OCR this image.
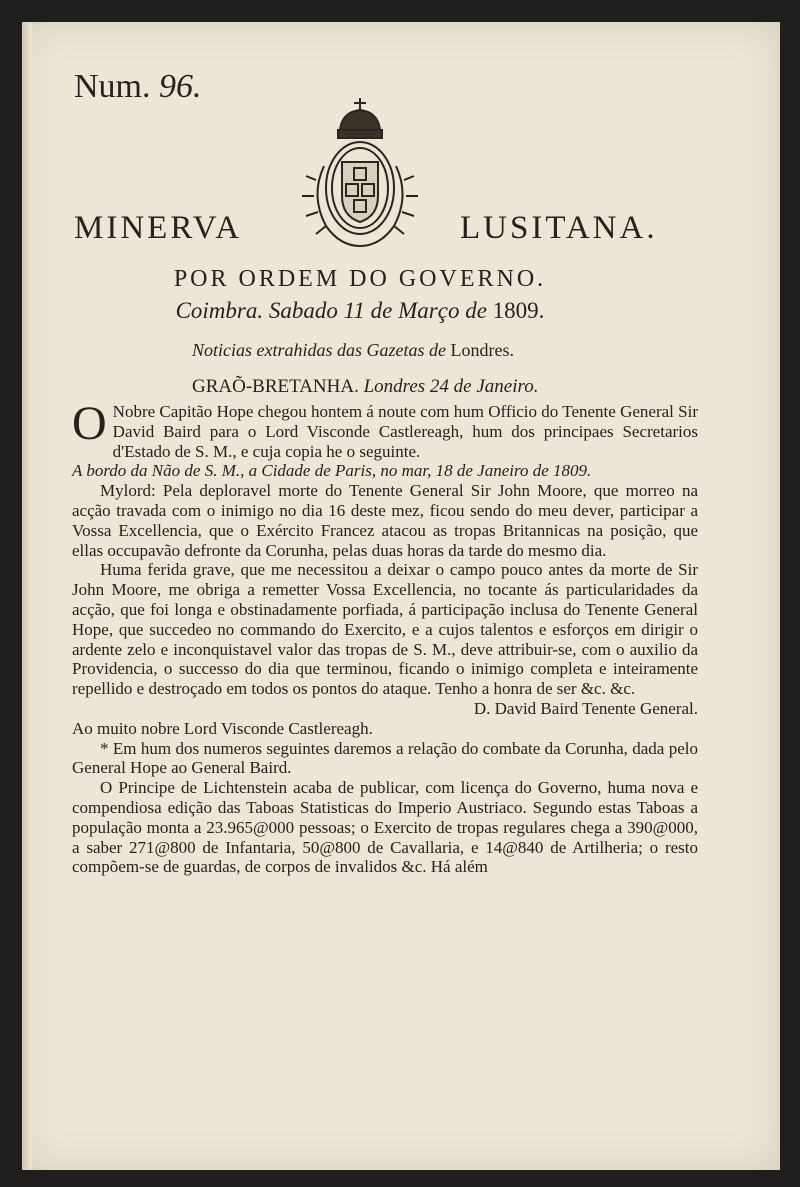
Num. 96.
MINERVA	LUSITANA.
POR ORDEM DO GOVERNO.
Coimbra. Sabado 11 de Março de 1809.
Noticias extrahidas das Gazetas de Londres.
GRAÕ-BRETANHA. Londres 24 de Janeiro.

O Nobre Capitão Hope chegou hontem á noute com hum Officio do Tenente General Sir David Baird para o Lord Visconde Castlereagh, hum dos principaes Secretarios d'Estado de S. M., e cuja copia he o seguinte.

A bordo da Não de S. M., a Cidade de Paris, no mar, 18 de Janeiro de 1809.

Mylord: Pela deploravel morte do Tenente General Sir John Moore, que morreo na acção travada com o inimigo no dia 16 deste mez, ficou sendo do meu dever, participar a Vossa Excellencia, que o Exército Francez atacou as tropas Britannicas na posição, que ellas occupavão defronte da Corunha, pelas duas horas da tarde do mesmo dia.

Huma ferida grave, que me necessitou a deixar o campo pouco antes da morte de Sir John Moore, me obriga a remetter Vossa Excellencia, no tocante ás particularidades da acção, que foi longa e obstinadamente porfiada, á participação inclusa do Tenente General Hope, que succedeo no commando do Exercito, e a cujos talentos e esforços em dirigir o ardente zelo e inconquistavel valor das tropas de S. M., deve attribuir-se, com o auxilio da Providencia, o successo do dia que terminou, ficando o inimigo completa e inteiramente repellido e destroçado em todos os pontos do ataque. Tenho a honra de ser &c. &c.

D. David Baird Tenente General.

Ao muito nobre Lord Visconde Castlereagh.

* Em hum dos numeros seguintes daremos a relação do combate da Corunha, dada pelo General Hope ao General Baird.

O Principe de Lichtenstein acaba de publicar, com licença do Governo, huma nova e compendiosa edição das Taboas Statisticas do Imperio Austriaco. Segundo estas Taboas a população monta a 23.965@000 pessoas; o Exercito de tropas regulares chega a 390@000, a saber 271@800 de Infantaria, 50@800 de Cavallaria, e 14@840 de Artilheria; o resto compõem-se de guardas, de corpos de invalidos &c. Há além
